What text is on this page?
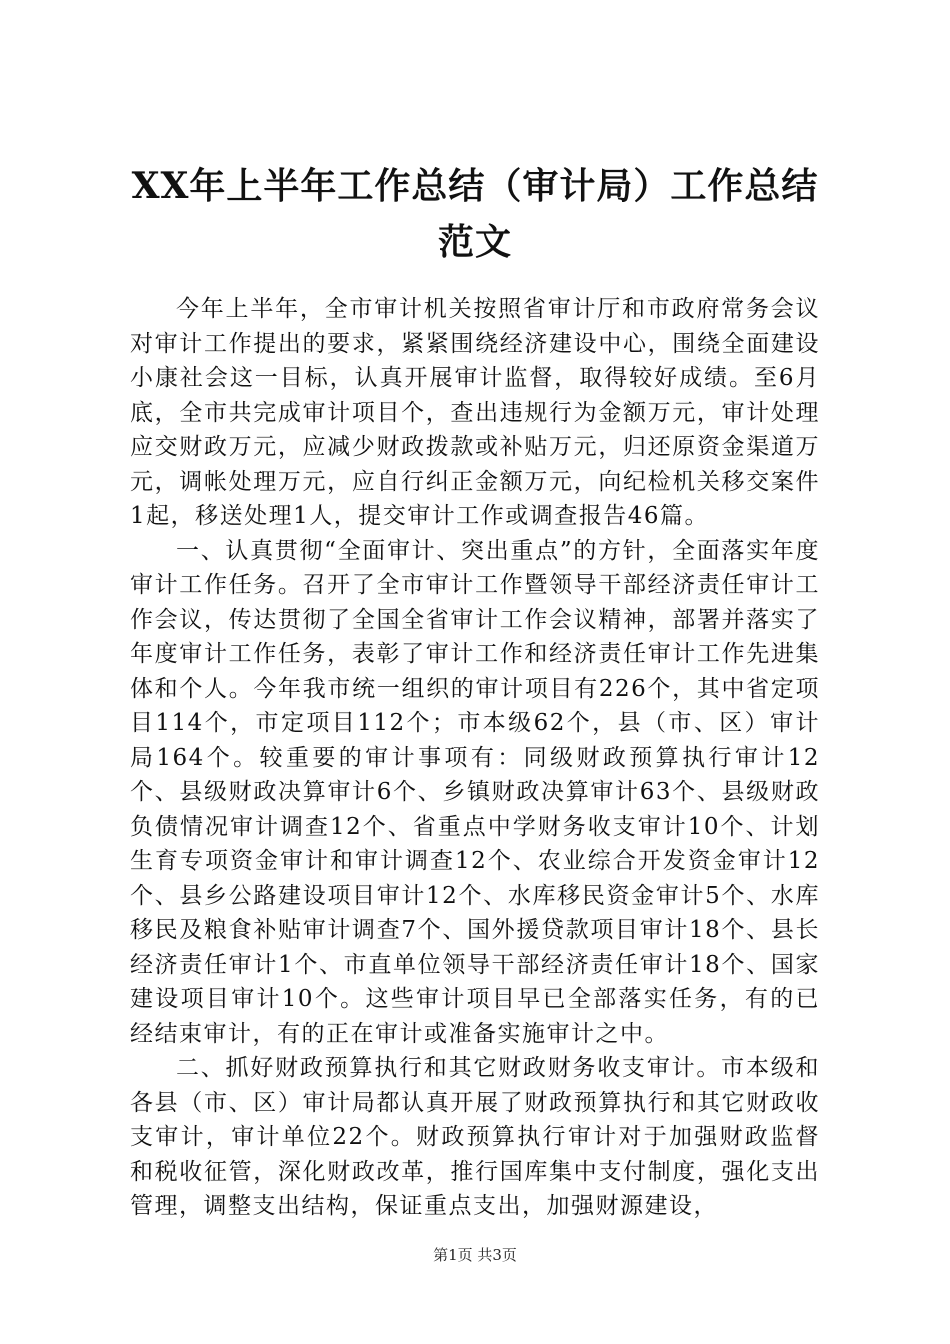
XX年上半年工作总结（审计局）工作总结范文

今年上半年，全市审计机关按照省审计厅和市政府常务会议对审计工作提出的要求，紧紧围绕经济建设中心，围绕全面建设小康社会这一目标，认真开展审计监督，取得较好成绩。至6月底，全市共完成审计项目个，查出违规行为金额万元，审计处理应交财政万元，应减少财政拨款或补贴万元，归还原资金渠道万元，调帐处理万元，应自行纠正金额万元，向纪检机关移交案件1起，移送处理1人，提交审计工作或调查报告46篇。

一、认真贯彻“全面审计、突出重点”的方针，全面落实年度审计工作任务。召开了全市审计工作暨领导干部经济责任审计工作会议，传达贯彻了全国全省审计工作会议精神，部署并落实了年度审计工作任务，表彰了审计工作和经济责任审计工作先进集体和个人。今年我市统一组织的审计项目有226个，其中省定项目114个，市定项目112个；市本级62个，县（市、区）审计局164个。较重要的审计事项有：同级财政预算执行审计12个、县级财政决算审计6个、乡镇财政决算审计63个、县级财政负债情况审计调查12个、省重点中学财务收支审计10个、计划生育专项资金审计和审计调查12个、农业综合开发资金审计12个、县乡公路建设项目审计12个、水库移民资金审计5个、水库移民及粮食补贴审计调查7个、国外援贷款项目审计18个、县长经济责任审计1个、市直单位领导干部经济责任审计18个、国家建设项目审计10个。这些审计项目早已全部落实任务，有的已经结束审计，有的正在审计或准备实施审计之中。

二、抓好财政预算执行和其它财政财务收支审计。市本级和各县（市、区）审计局都认真开展了财政预算执行和其它财政收支审计，审计单位22个。财政预算执行审计对于加强财政监督和税收征管，深化财政改革，推行国库集中支付制度，强化支出管理，调整支出结构，保证重点支出，加强财源建设，

第1页 共3页
